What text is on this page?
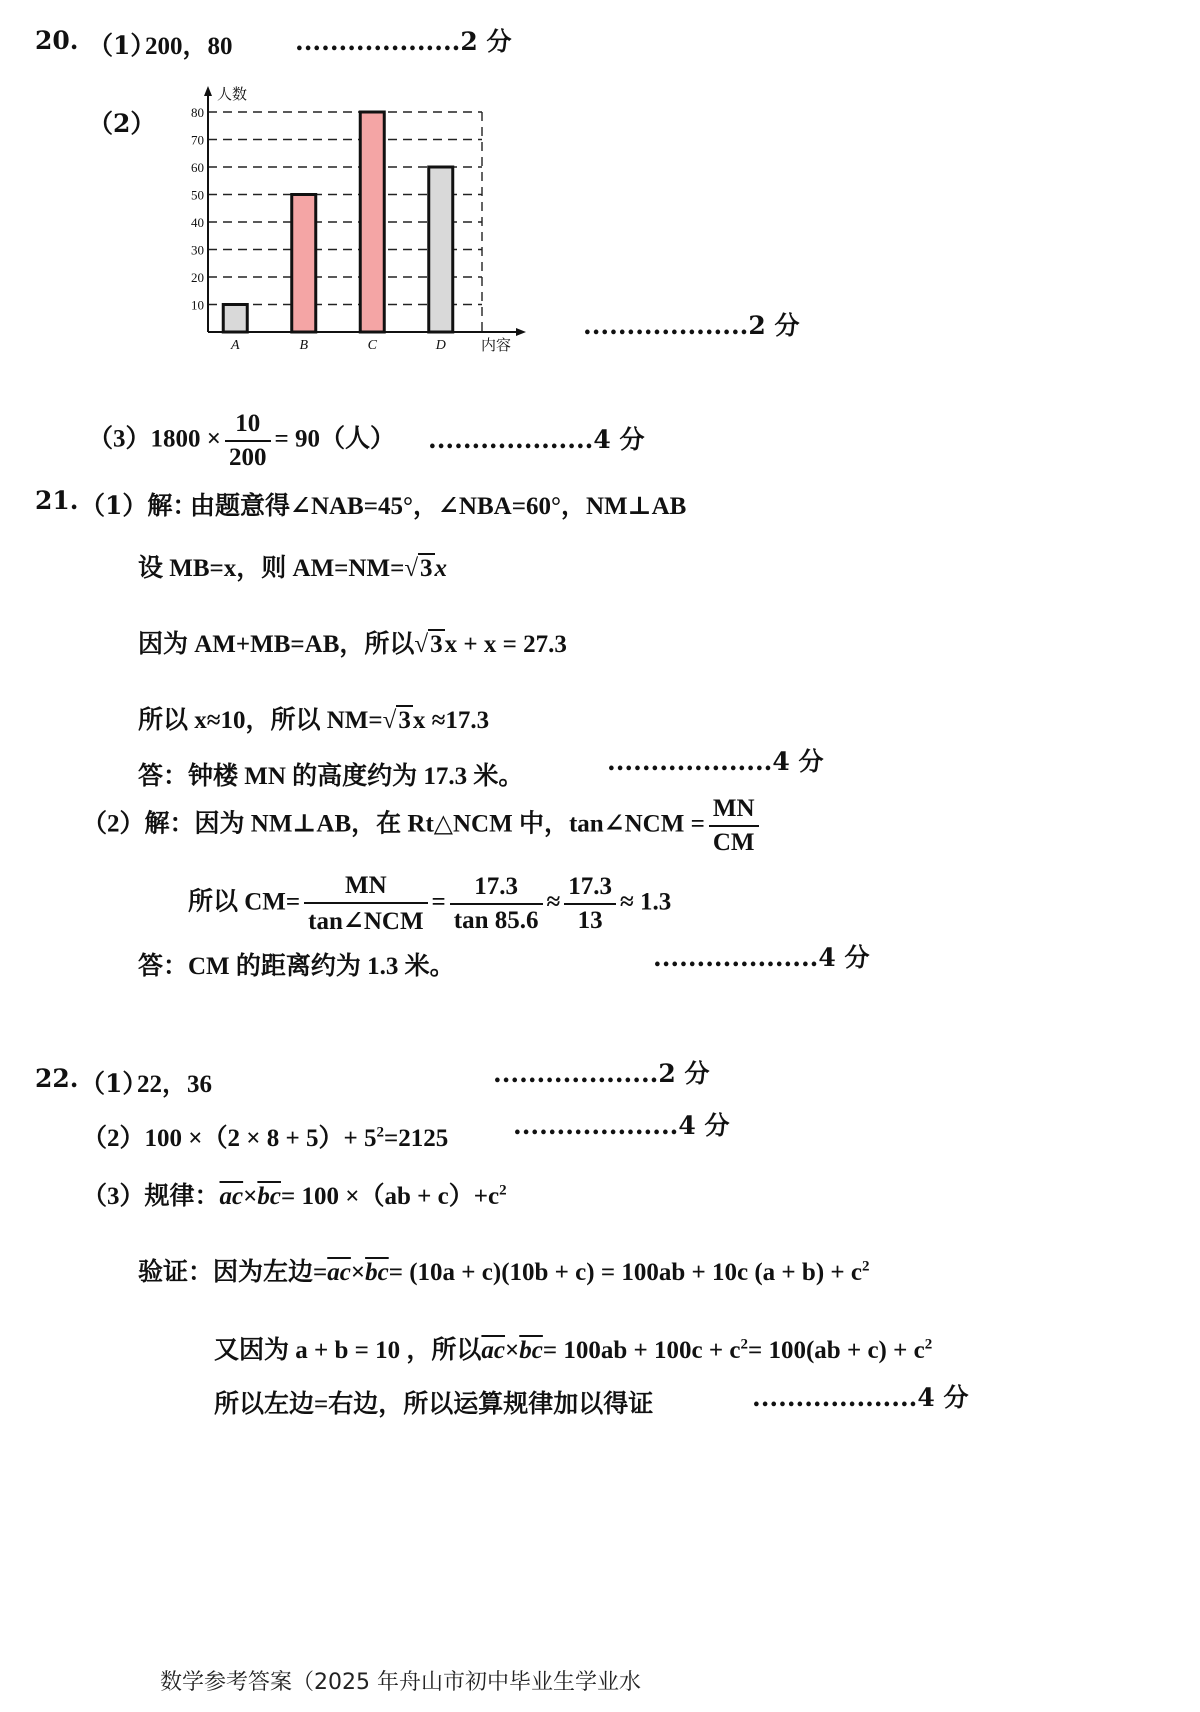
20. （1）
200，80 ...................2 分
（2）
10
20
30
40
50
60
70
80
A	B	C	D
人数
内容
...................2 分
$(3)1800 \times \frac{10}{200} = 90$（人） ...................4 分
21. （1）解：
由题意得∠NAB=45°，∠NBA=60°，NM⊥AB
设 MB=x，则 AM=NM=√3x
因为 AM+MB=AB，所以√3x + x = 27.3
所以 x≈10，所以 NM=√3x ≈17.3
答：钟楼 MN 的高度约为 17.3 米。
...................4 分
（2）解：因为 NM⊥AB，在 Rt△NCM 中，tan∠NCM = $\frac{MN}{CM}$
所以 $CM= \frac{MN}{\text{tan∠NCM}} = \frac{17.3}{\tan 85.6} \approx \frac{17.3}{13} \approx 1.3$
答：CM 的距离约为 1.3 米。	...................4 分
22. （1）
22，36	...................2 分
$(2)100 \times(2 \times 8 + 5)+ 5^2=2125$	...................4 分
（3）规律：$\overline{ac}\times\overline{bc}= 100 \times(ab + c)+c^2$
验证：因为左边$=\overline{ac}\times\overline{bc}= (10a + c)(10b + c) = 100ab + 10c$ $(a + b) + c^2$
又因为 a + b = 10 ，所以$\overline{ac}\times\overline{bc}= 100ab + 100c + c^2= 100(ab + c) + c^2$
所以左边=右边，所以运算规律加以得证	...................4 分
数学参考答案（2025 年舟山市初中毕业生学业水
